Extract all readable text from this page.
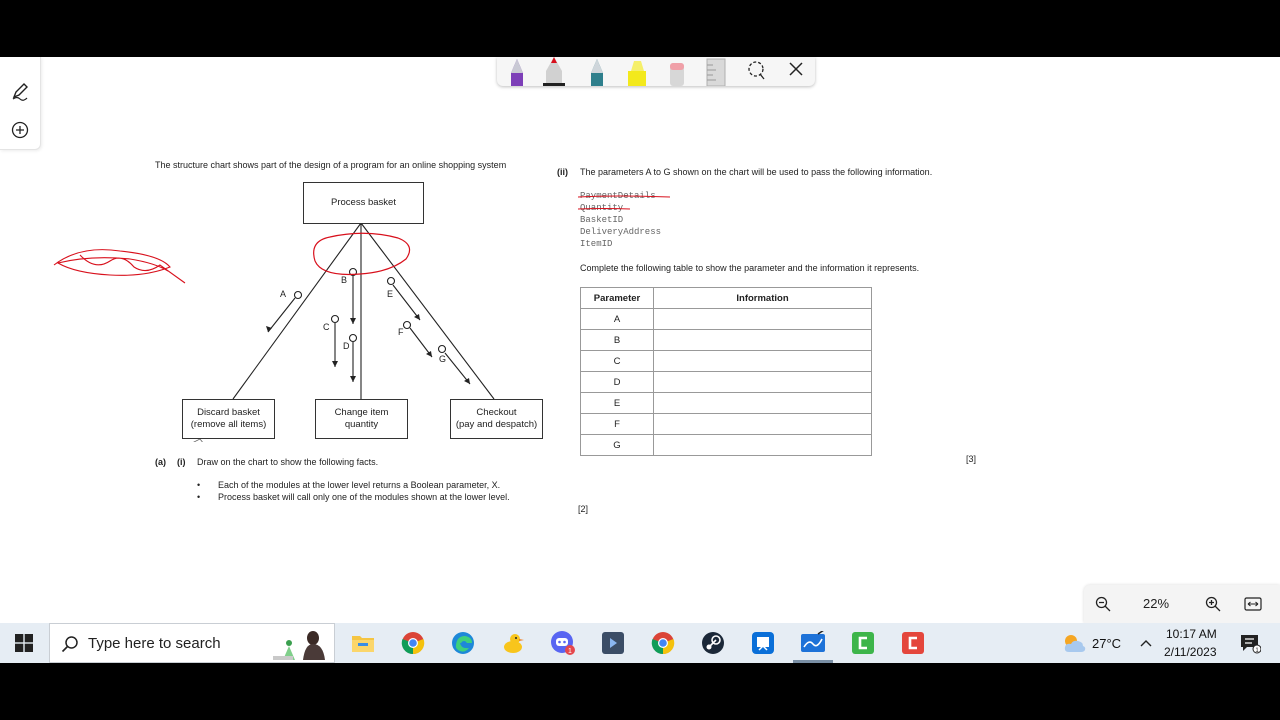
The structure chart shows part of the design of a program for an online shopping system
A
B
C
D
E
F
G
Process basket
Discard basket
(remove all items)
Change item
quantity
Checkout
(pay and despatch)
(a) (i) Draw on the chart to show the following facts.
• Each of the modules at the lower level returns a Boolean parameter, X.
• Process basket will call only one of the modules shown at the lower level.
[2]
(ii) The parameters A to G shown on the chart will be used to pass the following information.
PaymentDetails
Quantity
BasketID
DeliveryAddress
ItemID
Complete the following table to show the parameter and the information it represents.
Parameter	Information
A	
B	
C	
D	
E	
F	
G	
[3]
22%
Type here to search	1
27°C
10:17 AM
2/11/2023	1
